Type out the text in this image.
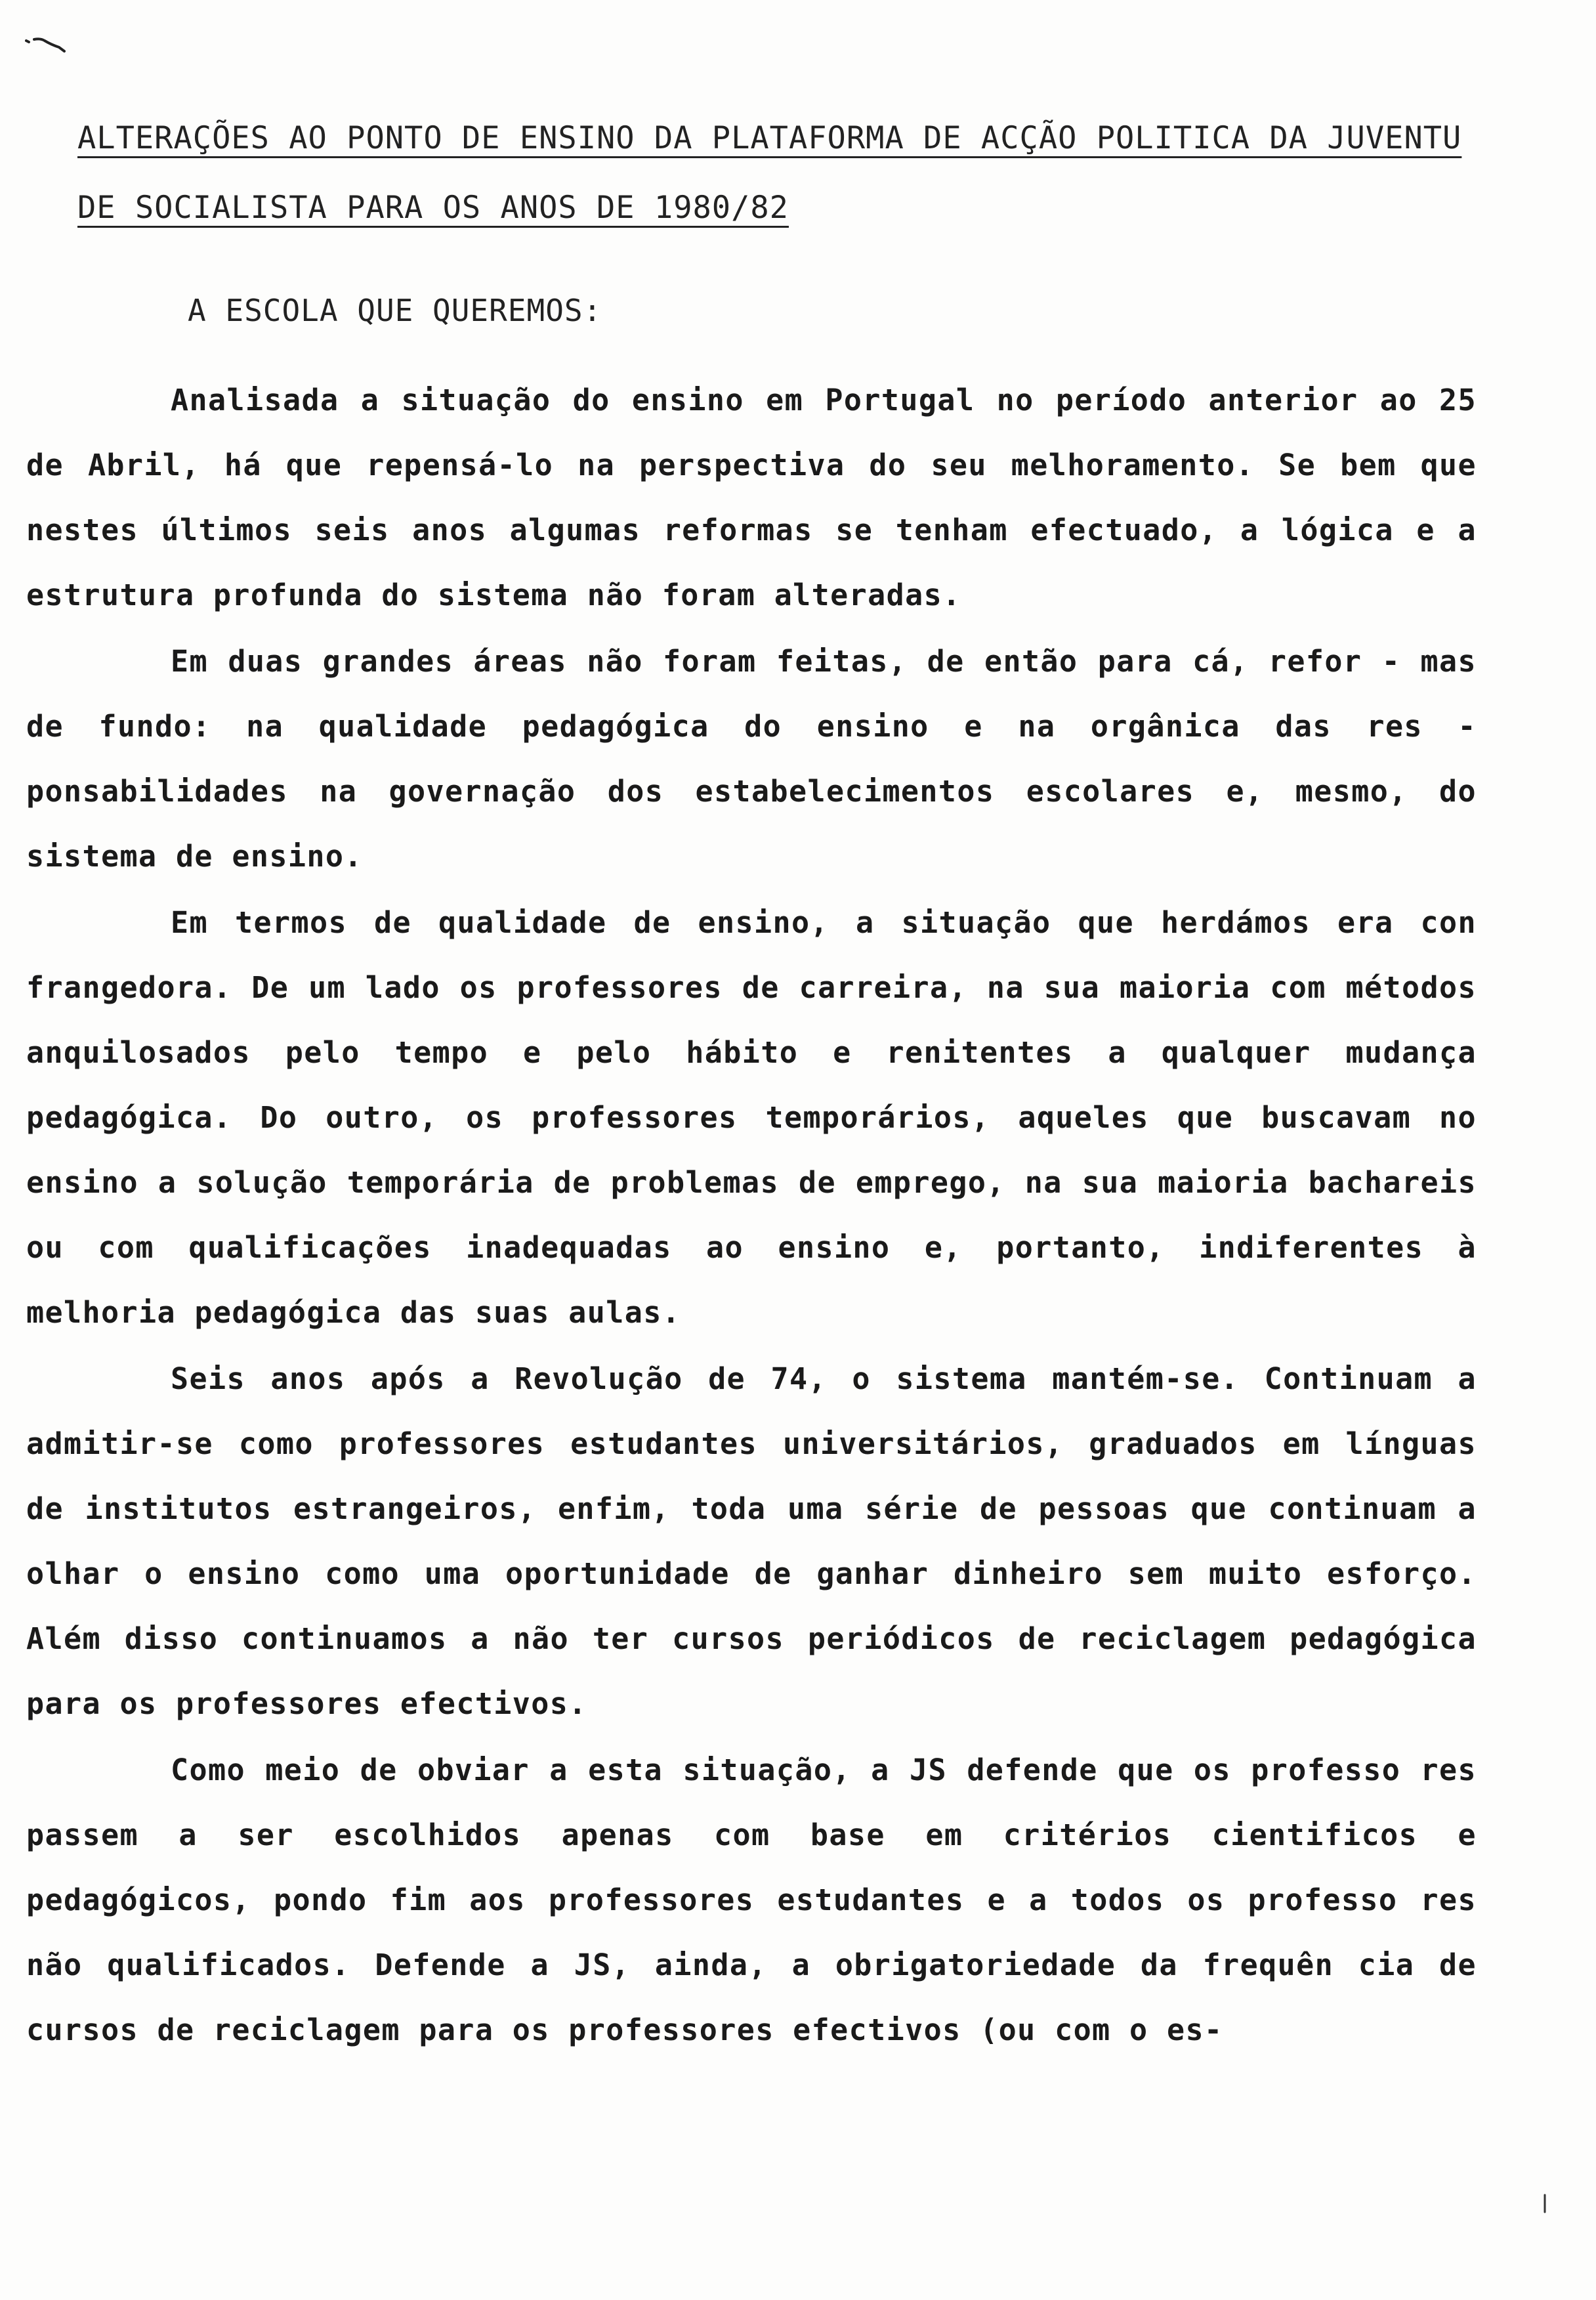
ALTERAÇÕES AO PONTO DE ENSINO DA PLATAFORMA DE ACÇÃO POLITICA DA JUVENTU DE SOCIALISTA PARA OS ANOS DE 1980/82
A ESCOLA QUE QUEREMOS:

Analisada a situação do ensino em Portugal no período anterior ao 25 de Abril, há que repensá-lo na perspectiva do seu melhoramento. Se bem que nestes últimos seis anos algumas reformas se tenham efectuado, a lógica e a estrutura profunda do sistema não foram alteradas.

Em duas grandes áreas não foram feitas, de então para cá, refor - mas de fundo: na qualidade pedagógica do ensino e na orgânica das res - ponsabilidades na governação dos estabelecimentos escolares e, mesmo, do sistema de ensino.

Em termos de qualidade de ensino, a situação que herdámos era con frangedora. De um lado os professores de carreira, na sua maioria com métodos anquilosados pelo tempo e pelo hábito e renitentes a qualquer mudança pedagógica. Do outro, os professores temporários, aqueles que buscavam no ensino a solução temporária de problemas de emprego, na sua maioria bachareis ou com qualificações inadequadas ao ensino e, portanto, indiferentes à melhoria pedagógica das suas aulas.

Seis anos após a Revolução de 74, o sistema mantém-se. Continuam a admitir-se como professores estudantes universitários, graduados em línguas de institutos estrangeiros, enfim, toda uma série de pessoas que continuam a olhar o ensino como uma oportunidade de ganhar dinheiro sem muito esforço. Além disso continuamos a não ter cursos periódicos de reciclagem pedagógica para os professores efectivos.

Como meio de obviar a esta situação, a JS defende que os professo res passem a ser escolhidos apenas com base em critérios cientificos e pedagógicos, pondo fim aos professores estudantes e a todos os professo res não qualificados. Defende a JS, ainda, a obrigatoriedade da frequên cia de cursos de reciclagem para os professores efectivos (ou com o es-
